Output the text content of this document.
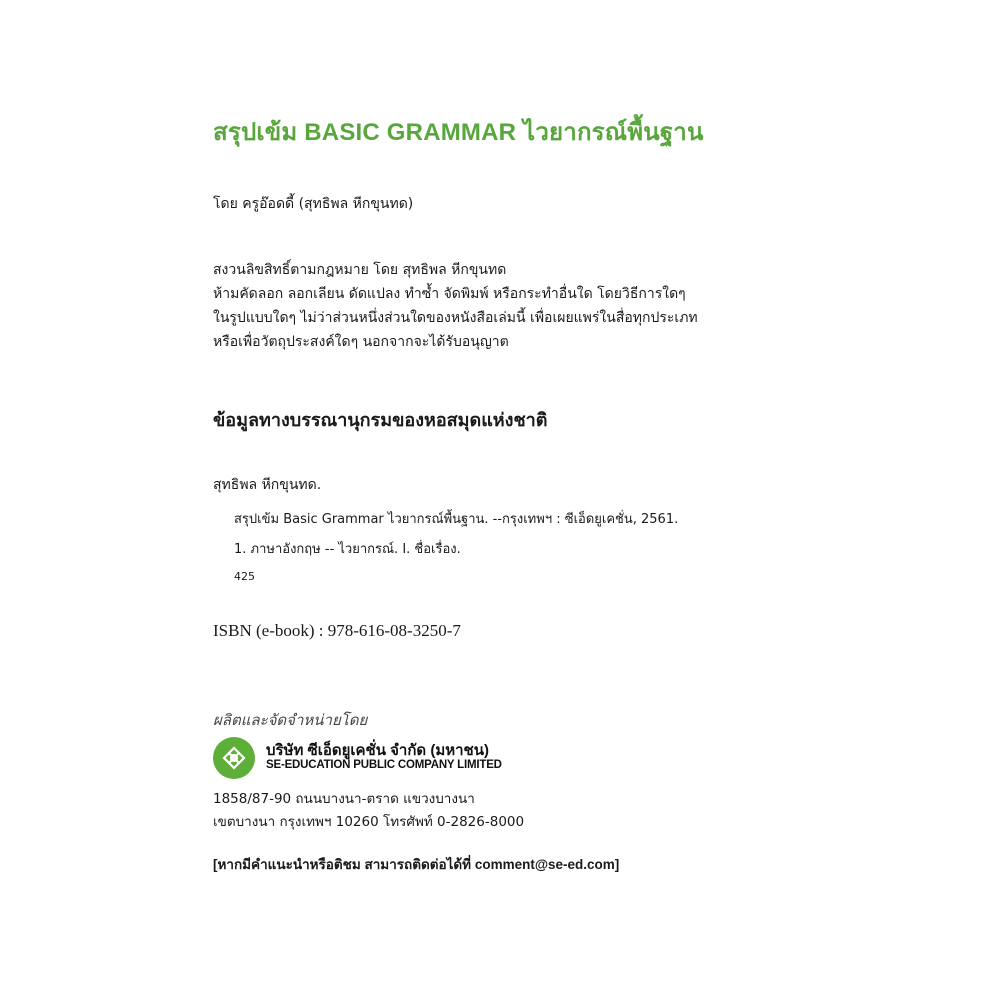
สรุปเข้ม BASIC GRAMMAR ไวยากรณ์พื้นฐาน
โดย ครูอ๊อดดี้ (สุทธิพล หีกขุนทด)
สงวนลิขสิทธิ์ตามกฎหมาย โดย สุทธิพล หีกขุนทด
ห้ามคัดลอก ลอกเลียน ดัดแปลง ทำซ้ำ จัดพิมพ์ หรือกระทำอื่นใด โดยวิธีการใดๆ
ในรูปแบบใดๆ ไม่ว่าส่วนหนึ่งส่วนใดของหนังสือเล่มนี้ เพื่อเผยแพร่ในสื่อทุกประเภท
หรือเพื่อวัตถุประสงค์ใดๆ นอกจากจะได้รับอนุญาต
ข้อมูลทางบรรณานุกรมของหอสมุดแห่งชาติ
สุทธิพล หีกขุนทด.
สรุปเข้ม Basic Grammar ไวยากรณ์พื้นฐาน. --กรุงเทพฯ : ซีเอ็ดยูเคชั่น, 2561.
1. ภาษาอังกฤษ -- ไวยากรณ์. I. ชื่อเรื่อง.
425
ISBN (e-book) : 978-616-08-3250-7
ผลิตและจัดจำหน่ายโดย
บริษัท ซีเอ็ดยูเคชั่น จำกัด (มหาชน)
SE-EDUCATION PUBLIC COMPANY LIMITED
1858/87-90 ถนนบางนา-ตราด แขวงบางนา
เขตบางนา กรุงเทพฯ 10260 โทรศัพท์ 0-2826-8000
[หากมีคำแนะนำหรือติชม สามารถติดต่อได้ที่ comment@se-ed.com]
